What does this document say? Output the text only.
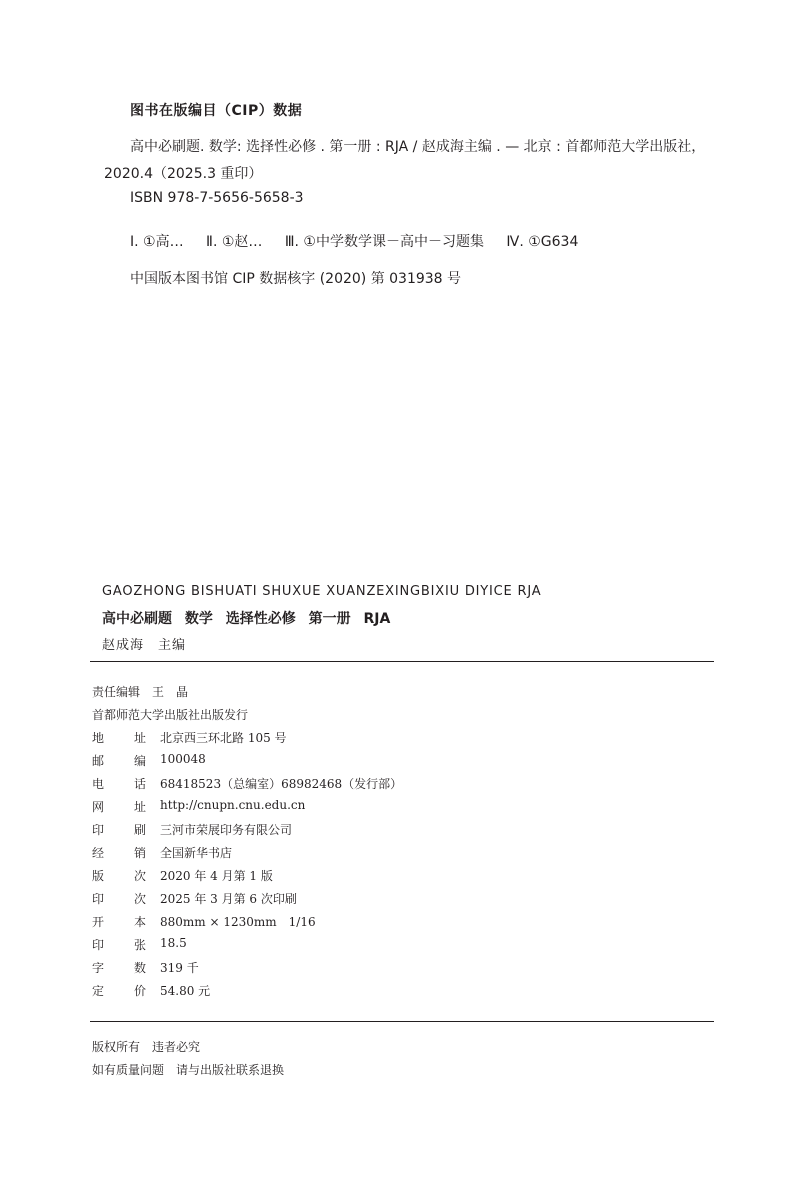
图书在版编目（CIP）数据
高中必刷题. 数学: 选择性必修 . 第一册 : RJA / 赵成海主编 . — 北京 : 首都师范大学出版社，
2020.4（2025.3 重印）
ISBN 978-7-5656-5658-3
Ⅰ. ①高… Ⅱ. ①赵… Ⅲ. ①中学数学课－高中－习题集 Ⅳ. ①G634
中国版本图书馆 CIP 数据核字 (2020) 第 031938 号
GAOZHONG BISHUATI SHUXUE XUANZEXINGBIXIU DIYICE RJA
高中必刷题 数学 选择性必修 第一册 RJA
赵成海　主编
责任编辑　王　晶
首都师范大学出版社出版发行
地 址	北京西三环北路 105 号
邮 编	100048
电 话	68418523（总编室） 68982468（发行部）
网 址	http://cnupn.cnu.edu.cn
印 刷	三河市荣展印务有限公司
经 销	全国新华书店
版 次	2020 年 4 月第 1 版
印 次	2025 年 3 月第 6 次印刷
开 本	880mm × 1230mm　1/16
印 张	18.5
字 数	319 千
定 价	54.80 元
版权所有 违者必究
如有质量问题 请与出版社联系退换
